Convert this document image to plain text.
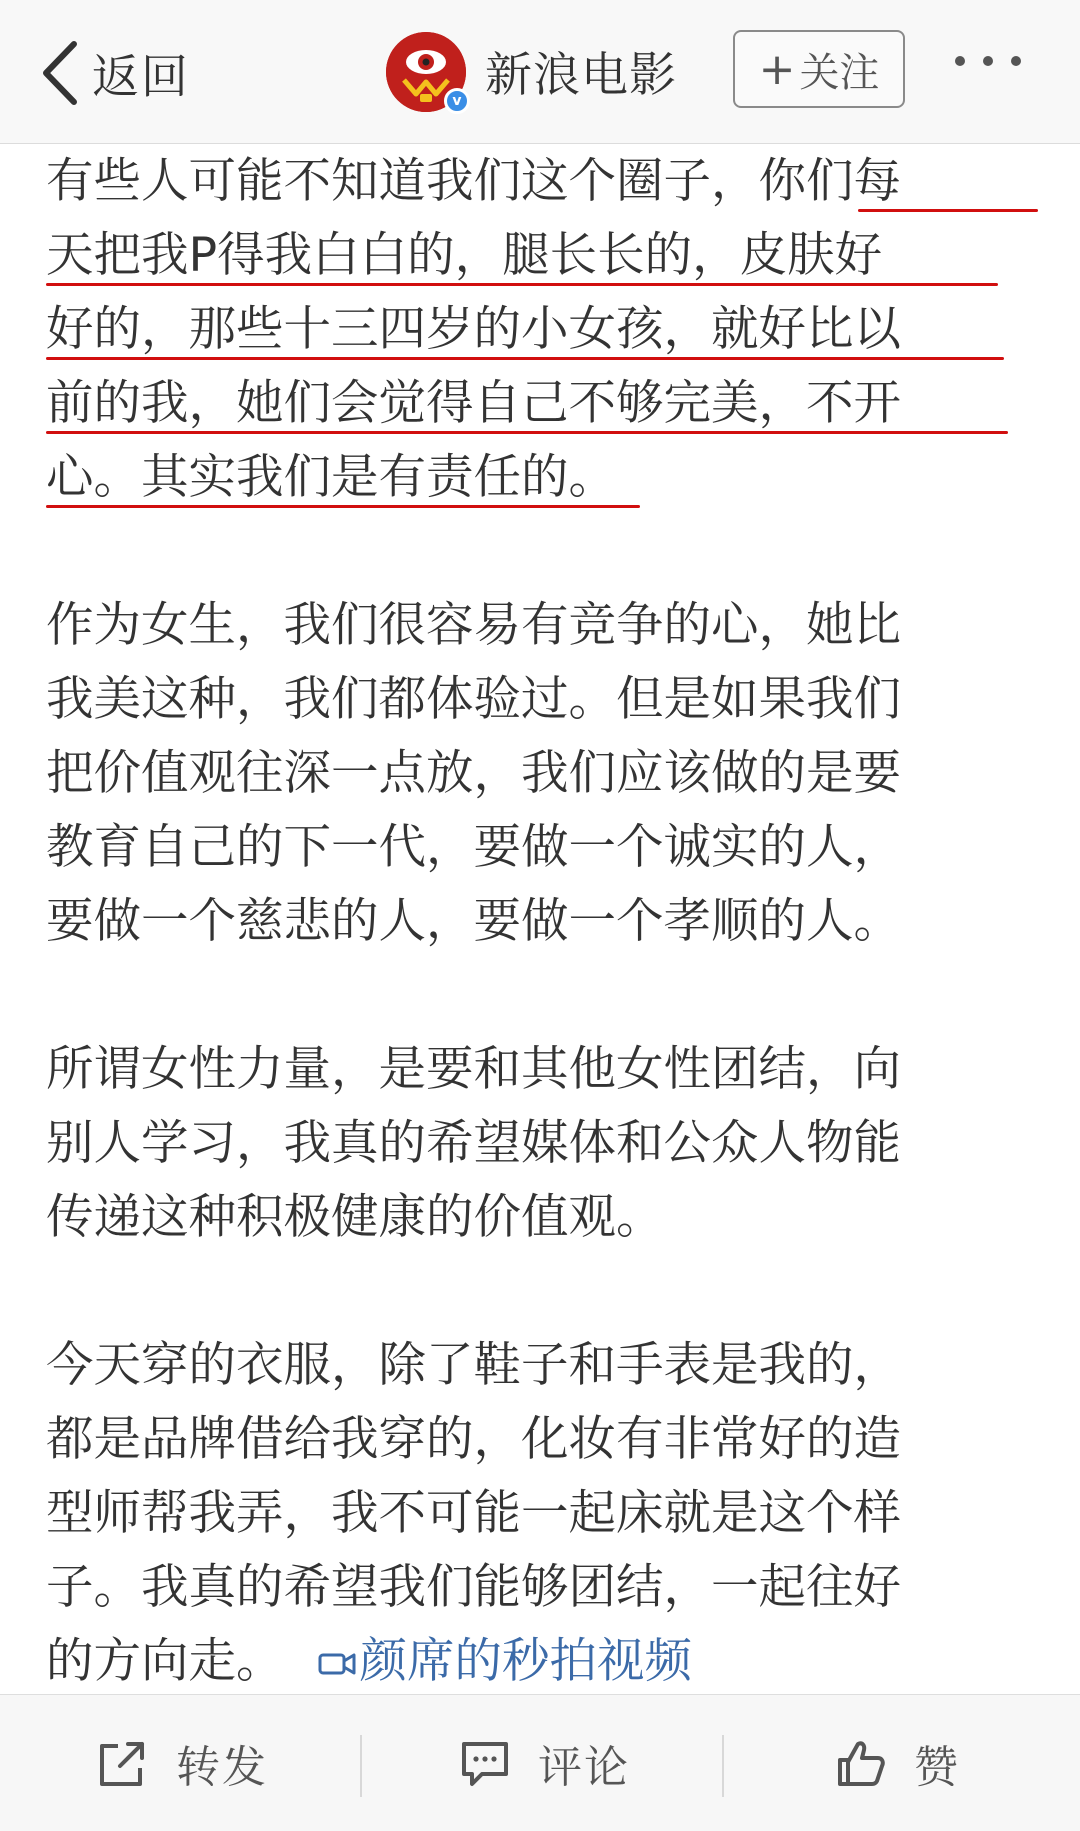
返回	v 新浪电影 + 关注

有些人可能不知道我们这个圈子，你们每
天把我P得我白白的，腿长长的，皮肤好
好的，那些十三四岁的小女孩，就好比以
前的我，她们会觉得自己不够完美，不开
心。其实我们是有责任的。

作为女生，我们很容易有竞争的心，她比
我美这种，我们都体验过。但是如果我们
把价值观往深一点放，我们应该做的是要
教育自己的下一代，要做一个诚实的人，
要做一个慈悲的人，要做一个孝顺的人。

所谓女性力量，是要和其他女性团结，向
别人学习，我真的希望媒体和公众人物能
传递这种积极健康的价值观。

今天穿的衣服，除了鞋子和手表是我的，
都是品牌借给我穿的，化妆有非常好的造
型师帮我弄，我不可能一起床就是这个样
子。我真的希望我们能够团结，一起往好
的方向走。 颜席的秒拍视频

转发	评论	赞
